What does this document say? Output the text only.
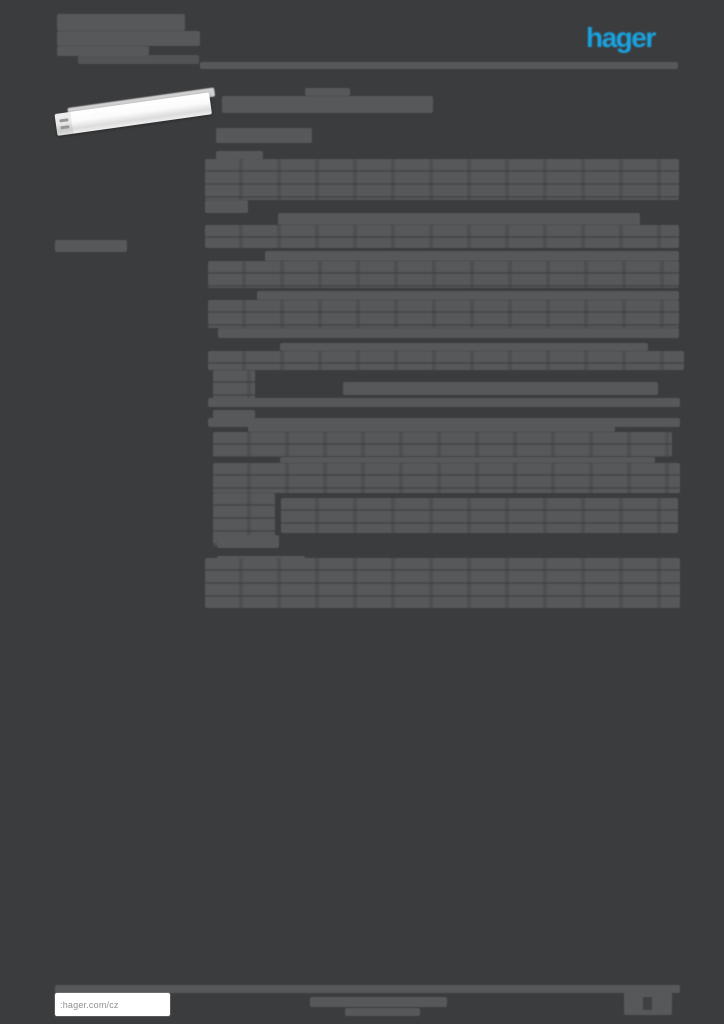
hager
:hager.com/cz
